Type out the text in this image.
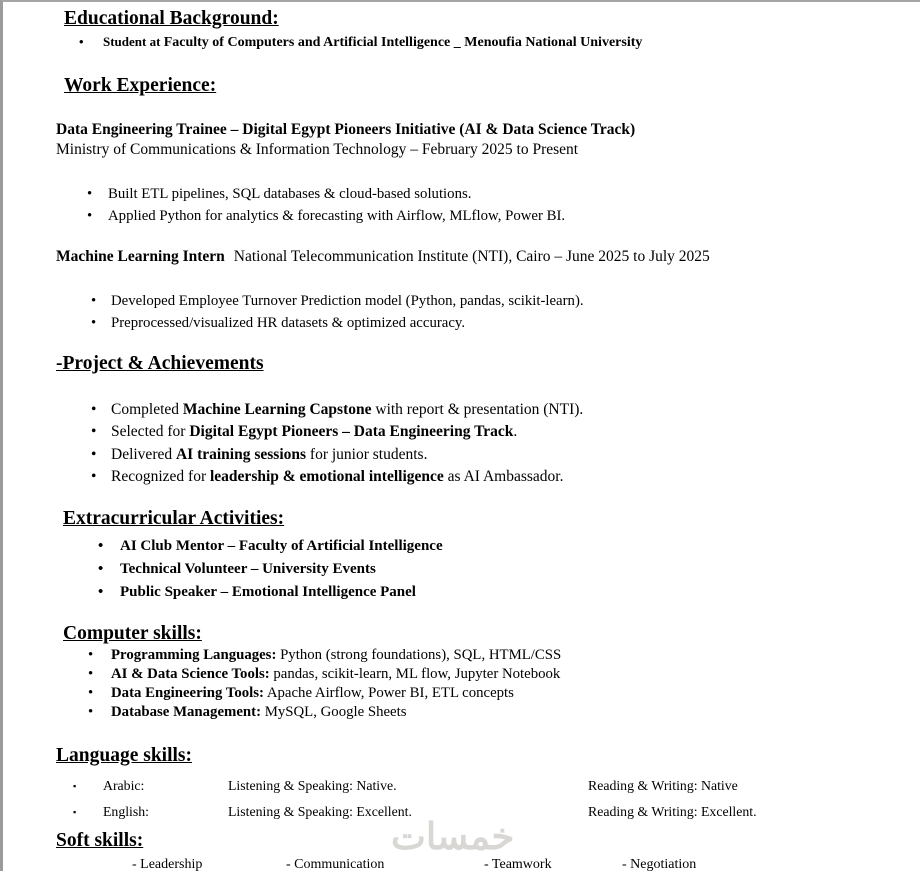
خمسات
Educational Background:
• Student at Faculty of Computers and Artificial Intelligence _ Menoufia National University
Work Experience:
Data Engineering Trainee – Digital Egypt Pioneers Initiative (AI & Data Science Track)
Ministry of Communications & Information Technology – February 2025 to Present
• Built ETL pipelines, SQL databases & cloud-based solutions.
• Applied Python for analytics & forecasting with Airflow, MLflow, Power BI.
Machine Learning Intern National Telecommunication Institute (NTI), Cairo – June 2025 to July 2025
• Developed Employee Turnover Prediction model (Python, pandas, scikit-learn).
• Preprocessed/visualized HR datasets & optimized accuracy.
-Project & Achievements
• Completed Machine Learning Capstone with report & presentation (NTI).
• Selected for Digital Egypt Pioneers – Data Engineering Track.
• Delivered AI training sessions for junior students.
• Recognized for leadership & emotional intelligence as AI Ambassador.
Extracurricular Activities:
• AI Club Mentor – Faculty of Artificial Intelligence
• Technical Volunteer – University Events
• Public Speaker – Emotional Intelligence Panel
Computer skills:
• Programming Languages: Python (strong foundations), SQL, HTML/CSS
• AI & Data Science Tools: pandas, scikit-learn, ML flow, Jupyter Notebook
• Data Engineering Tools: Apache Airflow, Power BI, ETL concepts
• Database Management: MySQL, Google Sheets
Language skills:
▪ Arabic:	Listening & Speaking: Native.	Reading & Writing: Native
▪ English:	Listening & Speaking: Excellent.	Reading & Writing: Excellent.
Soft skills:
- Leadership	- Communication	- Teamwork	- Negotiation
